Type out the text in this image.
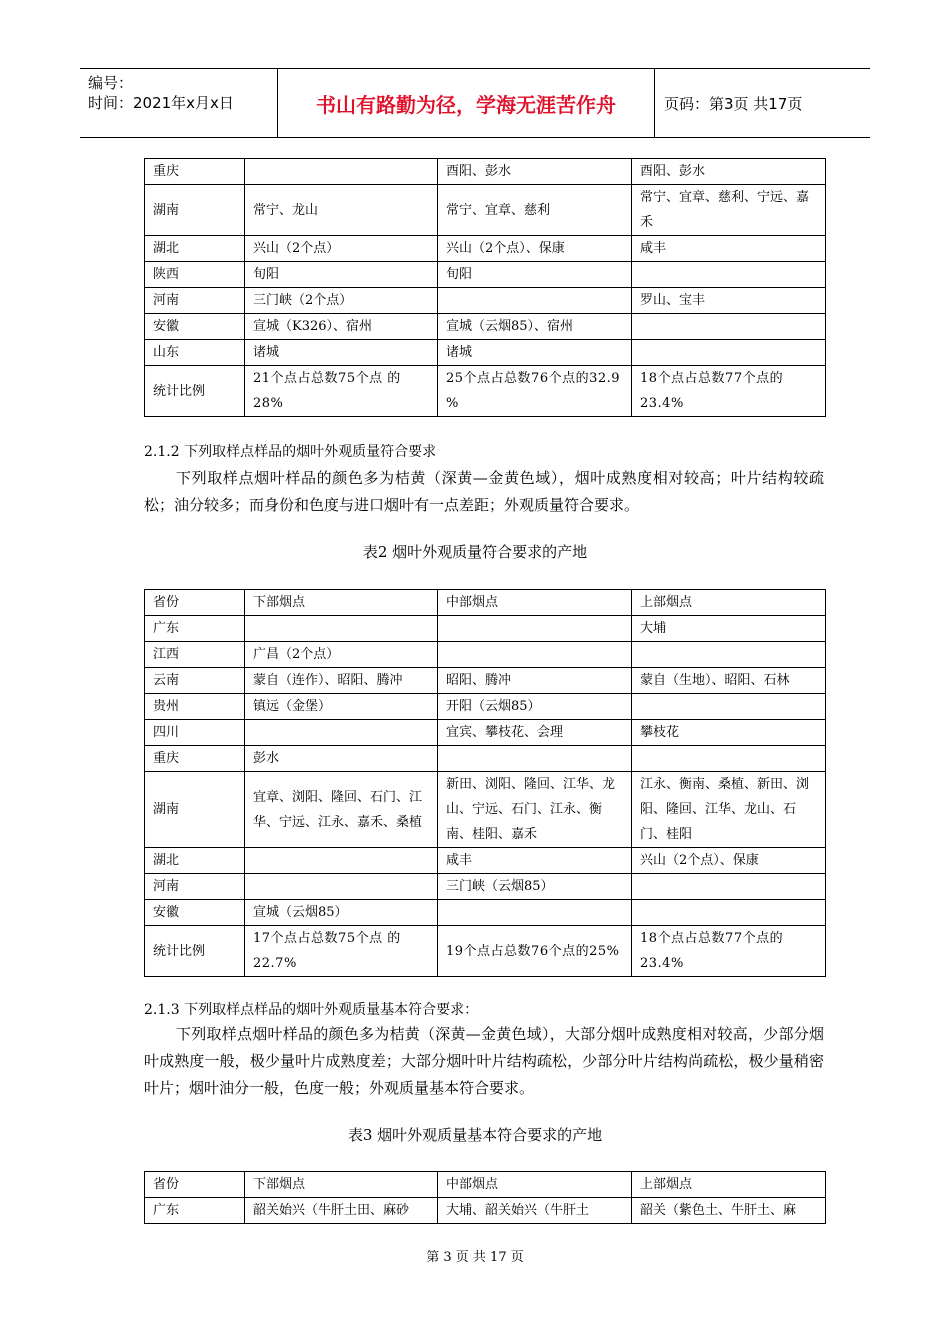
编号：
时间：2021年x月x日	书山有路勤为径，学海无涯苦作舟	页码：第3页 共17页
重庆		酉阳、彭水	酉阳、彭水
湖南	常宁、龙山	常宁、宜章、慈利	常宁、宜章、慈利、宁远、嘉禾
湖北	兴山（2个点）	兴山（2个点）、保康	咸丰
陕西	旬阳	旬阳	
河南	三门峡（2个点）		罗山、宝丰
安徽	宣城（K326）、宿州	宣城（云烟85）、宿州	
山东	诸城	诸城	
统计比例	21个点占总数75个点 的28%	25个点占总数76个点的32.9 %	18个点占总数77个点的23.4%
2.1.2 下列取样点样品的烟叶外观质量符合要求
下列取样点烟叶样品的颜色多为桔黄（深黄—金黄色域），烟叶成熟度相对较高；叶片结构较疏松；油分较多；而身份和色度与进口烟叶有一点差距；外观质量符合要求。
表2 烟叶外观质量符合要求的产地
省份	下部烟点	中部烟点	上部烟点
广东			大埔
江西	广昌（2个点）		
云南	蒙自（连作）、昭阳、腾冲	昭阳、腾冲	蒙自（生地）、昭阳、石林
贵州	镇远（金堡）	开阳（云烟85）	
四川		宜宾、攀枝花、会理	攀枝花
重庆	彭水		
湖南	宜章、浏阳、隆回、石门、江华、宁远、江永、嘉禾、桑植	新田、浏阳、隆回、江华、龙山、宁远、石门、江永、衡南、桂阳、嘉禾	江永、衡南、桑植、新田、浏阳、隆回、江华、龙山、石门、桂阳
湖北		咸丰	兴山（2个点）、保康
河南		三门峡（云烟85）	
安徽	宣城（云烟85）		
统计比例	17个点占总数75个点 的22.7%	19个点占总数76个点的25%	18个点占总数77个点的23.4%
2.1.3 下列取样点样品的烟叶外观质量基本符合要求：
下列取样点烟叶样品的颜色多为桔黄（深黄—金黄色域），大部分烟叶成熟度相对较高，少部分烟叶成熟度一般，极少量叶片成熟度差；大部分烟叶叶片结构疏松，少部分叶片结构尚疏松，极少量稍密叶片；烟叶油分一般，色度一般；外观质量基本符合要求。
表3 烟叶外观质量基本符合要求的产地
省份	下部烟点	中部烟点	上部烟点
广东	韶关始兴（牛肝土田、麻砂	大埔、韶关始兴（牛肝土	韶关（紫色土、牛肝土、麻
第 3 页 共 17 页
